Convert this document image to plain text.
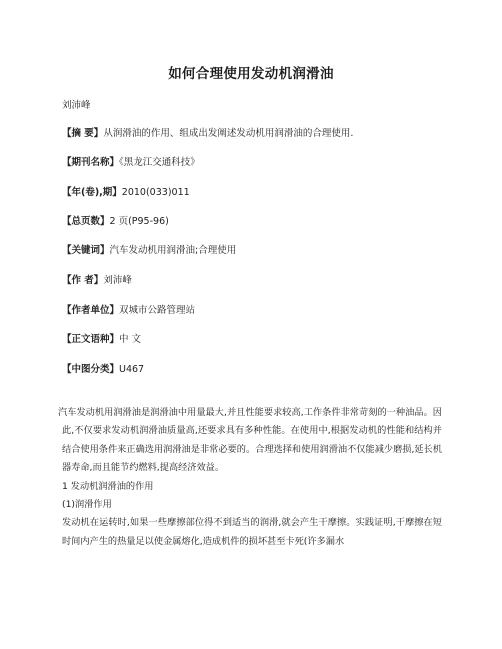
如何合理使用发动机润滑油
刘沛峰
【摘 要】从润滑油的作用、组成出发阐述发动机用润滑油的合理使用.
【期刊名称】《黑龙江交通科技》
【年(卷),期】2010(033)011
【总页数】2 页(P95-96)
【关键词】汽车发动机用润滑油;合理使用
【作 者】刘沛峰
【作者单位】双城市公路管理站
【正文语种】中 文
【中图分类】U467

汽车发动机用润滑油是润滑油中用量最大,并且性能要求较高,工作条件非常苛刻的一种油品。因此,不仅要求发动机润滑油质量高,还要求具有多种性能。在使用中,根据发动机的性能和结构并结合使用条件来正确选用润滑油是非常必要的。合理选择和使用润滑油不仅能减少磨损,延长机器寿命,而且能节约燃料,提高经济效益。

1 发动机润滑油的作用

(1)润滑作用

发动机在运转时,如果一些摩擦部位得不到适当的润滑,就会产生干摩擦。实践证明,干摩擦在短时间内产生的热量足以使金属熔化,造成机件的损坏甚至卡死(许多漏水
